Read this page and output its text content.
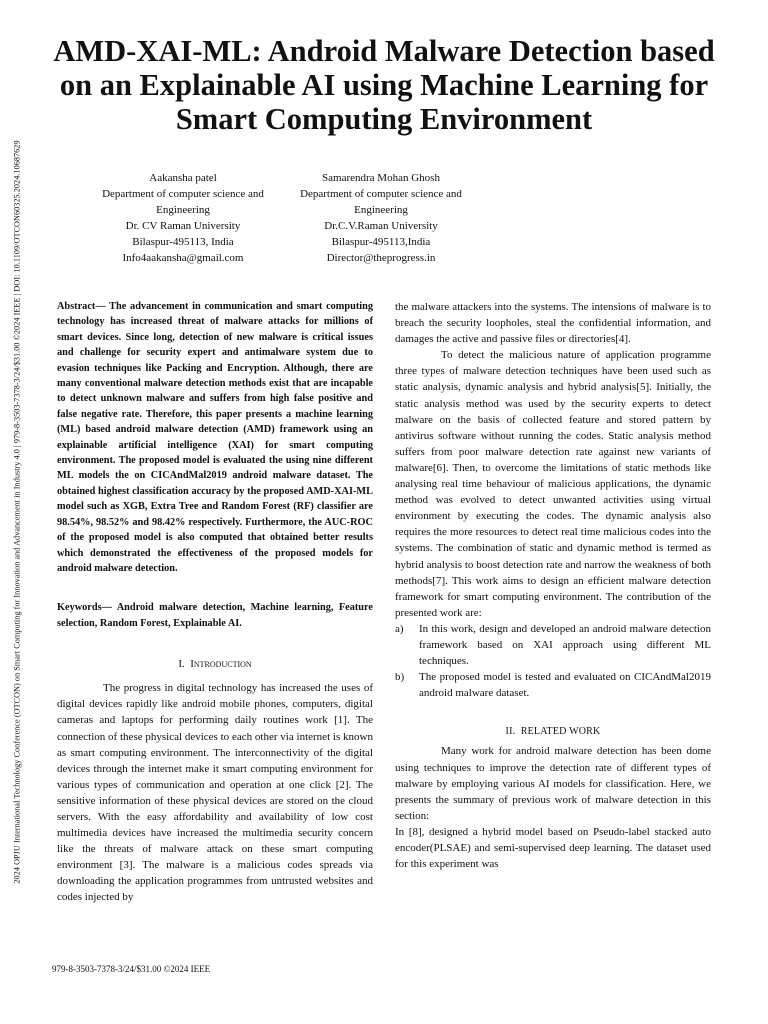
2024 OPJU International Technology Conference (OTCON) on Smart Computing for Innovation and Advancement in Industry 4.0 | 979-8-3503-7378-3/24/$31.00 ©2024 IEEE | DOI: 10.1109/OTCON60325.2024.10687629
AMD-XAI-ML: Android Malware Detection based on an Explainable AI using Machine Learning for Smart Computing Environment
Aakansha patel
Department of computer science and Engineering
Dr. CV Raman University
Bilaspur-495113, India
Info4aakansha@gmail.com
Samarendra Mohan Ghosh
Department of computer science and Engineering
Dr.C.V.Raman University
Bilaspur-495113,India
Director@theprogress.in

Abstract— The advancement in communication and smart computing technology has increased threat of malware attacks for millions of smart devices. Since long, detection of new malware is critical issues and challenge for security expert and antimalware system due to evasion techniques like Packing and Encryption. Although, there are many conventional malware detection methods exist that are incapable to detect unknown malware and suffers from high false positive and false negative rate. Therefore, this paper presents a machine learning (ML) based android malware detection (AMD) framework using an explainable artificial intelligence (XAI) for smart computing environment. The proposed model is evaluated the using nine different ML models the on CICAndMal2019 android malware dataset. The obtained highest classification accuracy by the proposed AMD-XAI-ML model such as XGB, Extra Tree and Random Forest (RF) classifier are 98.54%, 98.52% and 98.42% respectively. Furthermore, the AUC-ROC of the proposed model is also computed that obtained better results which demonstrated the effectiveness of the proposed models for android malware detection.

Keywords— Android malware detection, Machine learning, Feature selection, Random Forest, Explainable AI.

I. Introduction

The progress in digital technology has increased the uses of digital devices rapidly like android mobile phones, computers, digital cameras and laptops for performing daily routines work [1]. The connection of these physical devices to each other via internet is known as smart computing environment. The interconnectivity of the digital devices through the internet make it smart computing environment for various types of communication and operation at one click [2]. The sensitive information of these physical devices are stored on the cloud servers. With the easy affordability and availability of low cost multimedia devices have increased the multimedia security concern like the threats of malware attack on these smart computing environment [3]. The malware is a malicious codes spreads via downloading the application programmes from untrusted websites and codes injected by

the malware attackers into the systems. The intensions of malware is to breach the security loopholes, steal the confidential information, and damages the active and passive files or directories[4].

To detect the malicious nature of application programme three types of malware detection techniques have been used such as static analysis, dynamic analysis and hybrid analysis[5]. Initially, the static analysis method was used by the security experts to detect malware on the basis of collected feature and stored pattern by antivirus software without running the codes. Static analysis method suffers from poor malware detection rate against new variants of malware[6]. Then, to overcome the limitations of static methods like analysing real time behaviour of malicious applications, the dynamic method was evolved to detect unwanted activities using virtual environment by executing the codes. The dynamic analysis also requires the more resources to detect real time malicious codes into the systems. The combination of static and dynamic method is termed as hybrid analysis to boost detection rate and narrow the weakness of both methods[7]. This work aims to design an efficient malware detection framework for smart computing environment. The contribution of the presented work are:

a) In this work, design and developed an android malware detection framework based on XAI approach using different ML techniques.
b) The proposed model is tested and evaluated on CICAndMal2019 android malware dataset.

II. RELATED WORK

Many work for android malware detection has been dome using techniques to improve the detection rate of different types of malware by employing various AI models for classification. Here, we presents the summary of previous work of malware detection in this section:

In [8], designed a hybrid model based on Pseudo-label stacked auto encoder(PLSAE) and semi-supervised deep learning. The dataset used for this experiment was

979-8-3503-7378-3/24/$31.00 ©2024 IEEE
